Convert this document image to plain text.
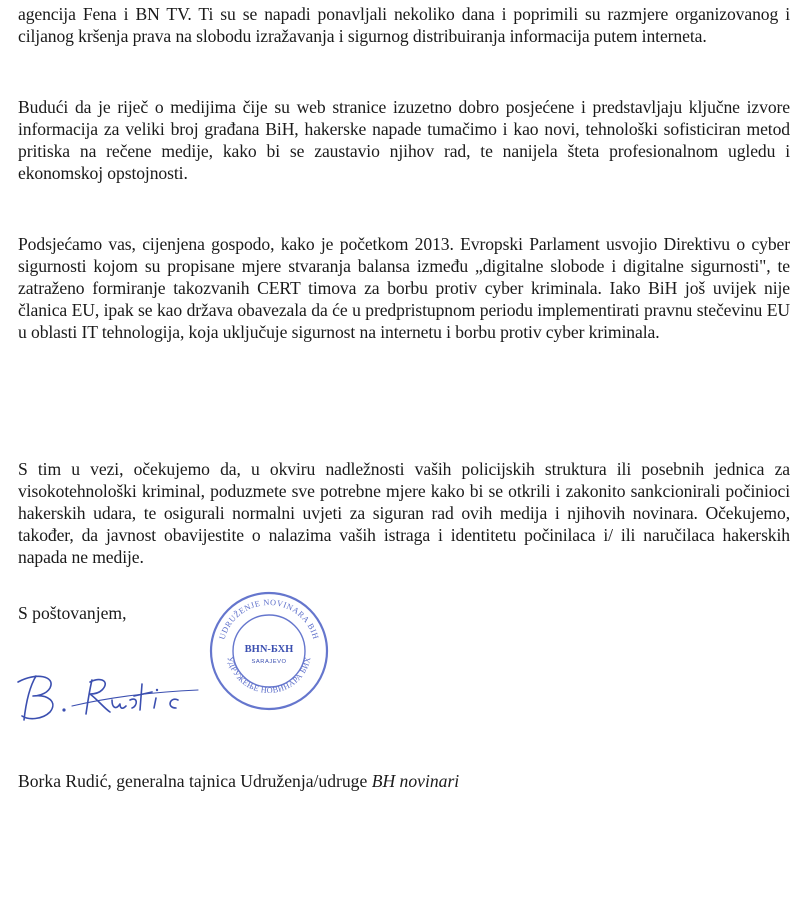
agencija Fena i BN TV. Ti su se napadi ponavljali nekoliko dana i poprimili su razmjere organizovanog i ciljanog kršenja prava na slobodu izražavanja i sigurnog distribuiranja informacija putem interneta.

Budući da je riječ o medijima čije su web stranice izuzetno dobro posjećene i predstavljaju ključne izvore informacija za veliki broj građana BiH, hakerske napade tumačimo i kao novi, tehnološki sofisticiran metod pritiska na rečene medije, kako bi se zaustavio njihov rad, te nanijela šteta profesionalnom ugledu i ekonomskoj opstojnosti.

Podsjećamo vas, cijenjena gospodo, kako je početkom 2013. Evropski Parlament usvojio Direktivu o cyber sigurnosti kojom su propisane mjere stvaranja balansa između „digitalne slobode i digitalne sigurnosti", te zatraženo formiranje takozvanih CERT timova za borbu protiv cyber kriminala. Iako BiH još uvijek nije članica EU, ipak se kao država obavezala da će u predpristupnom periodu implementirati pravnu stečevinu EU u oblasti IT tehnologija, koja uključuje sigurnost na internetu i borbu protiv cyber kriminala.

S tim u vezi, očekujemo da, u okviru nadležnosti vaših policijskih struktura ili posebnih jednica za visokotehnološki kriminal, poduzmete sve potrebne mjere kako bi se otkrili i zakonito sankcionirali počinioci hakerskih udara, te osigurali normalni uvjeti za siguran rad ovih medija i njihovih novinara. Očekujemo, također, da javnost obavijestite o nalazima vaših istraga i identitetu počinilaca i/ ili naručilaca hakerskih napada ne medije.

S poštovanjem,

UDRUŽENJE NOVINARA BIH
УДРУЖЕЊЕ НОВИНАРА БИХ
BHN-БХН
SARAJEVO

Borka Rudić, generalna tajnica Udruženja/udruge BH novinari
